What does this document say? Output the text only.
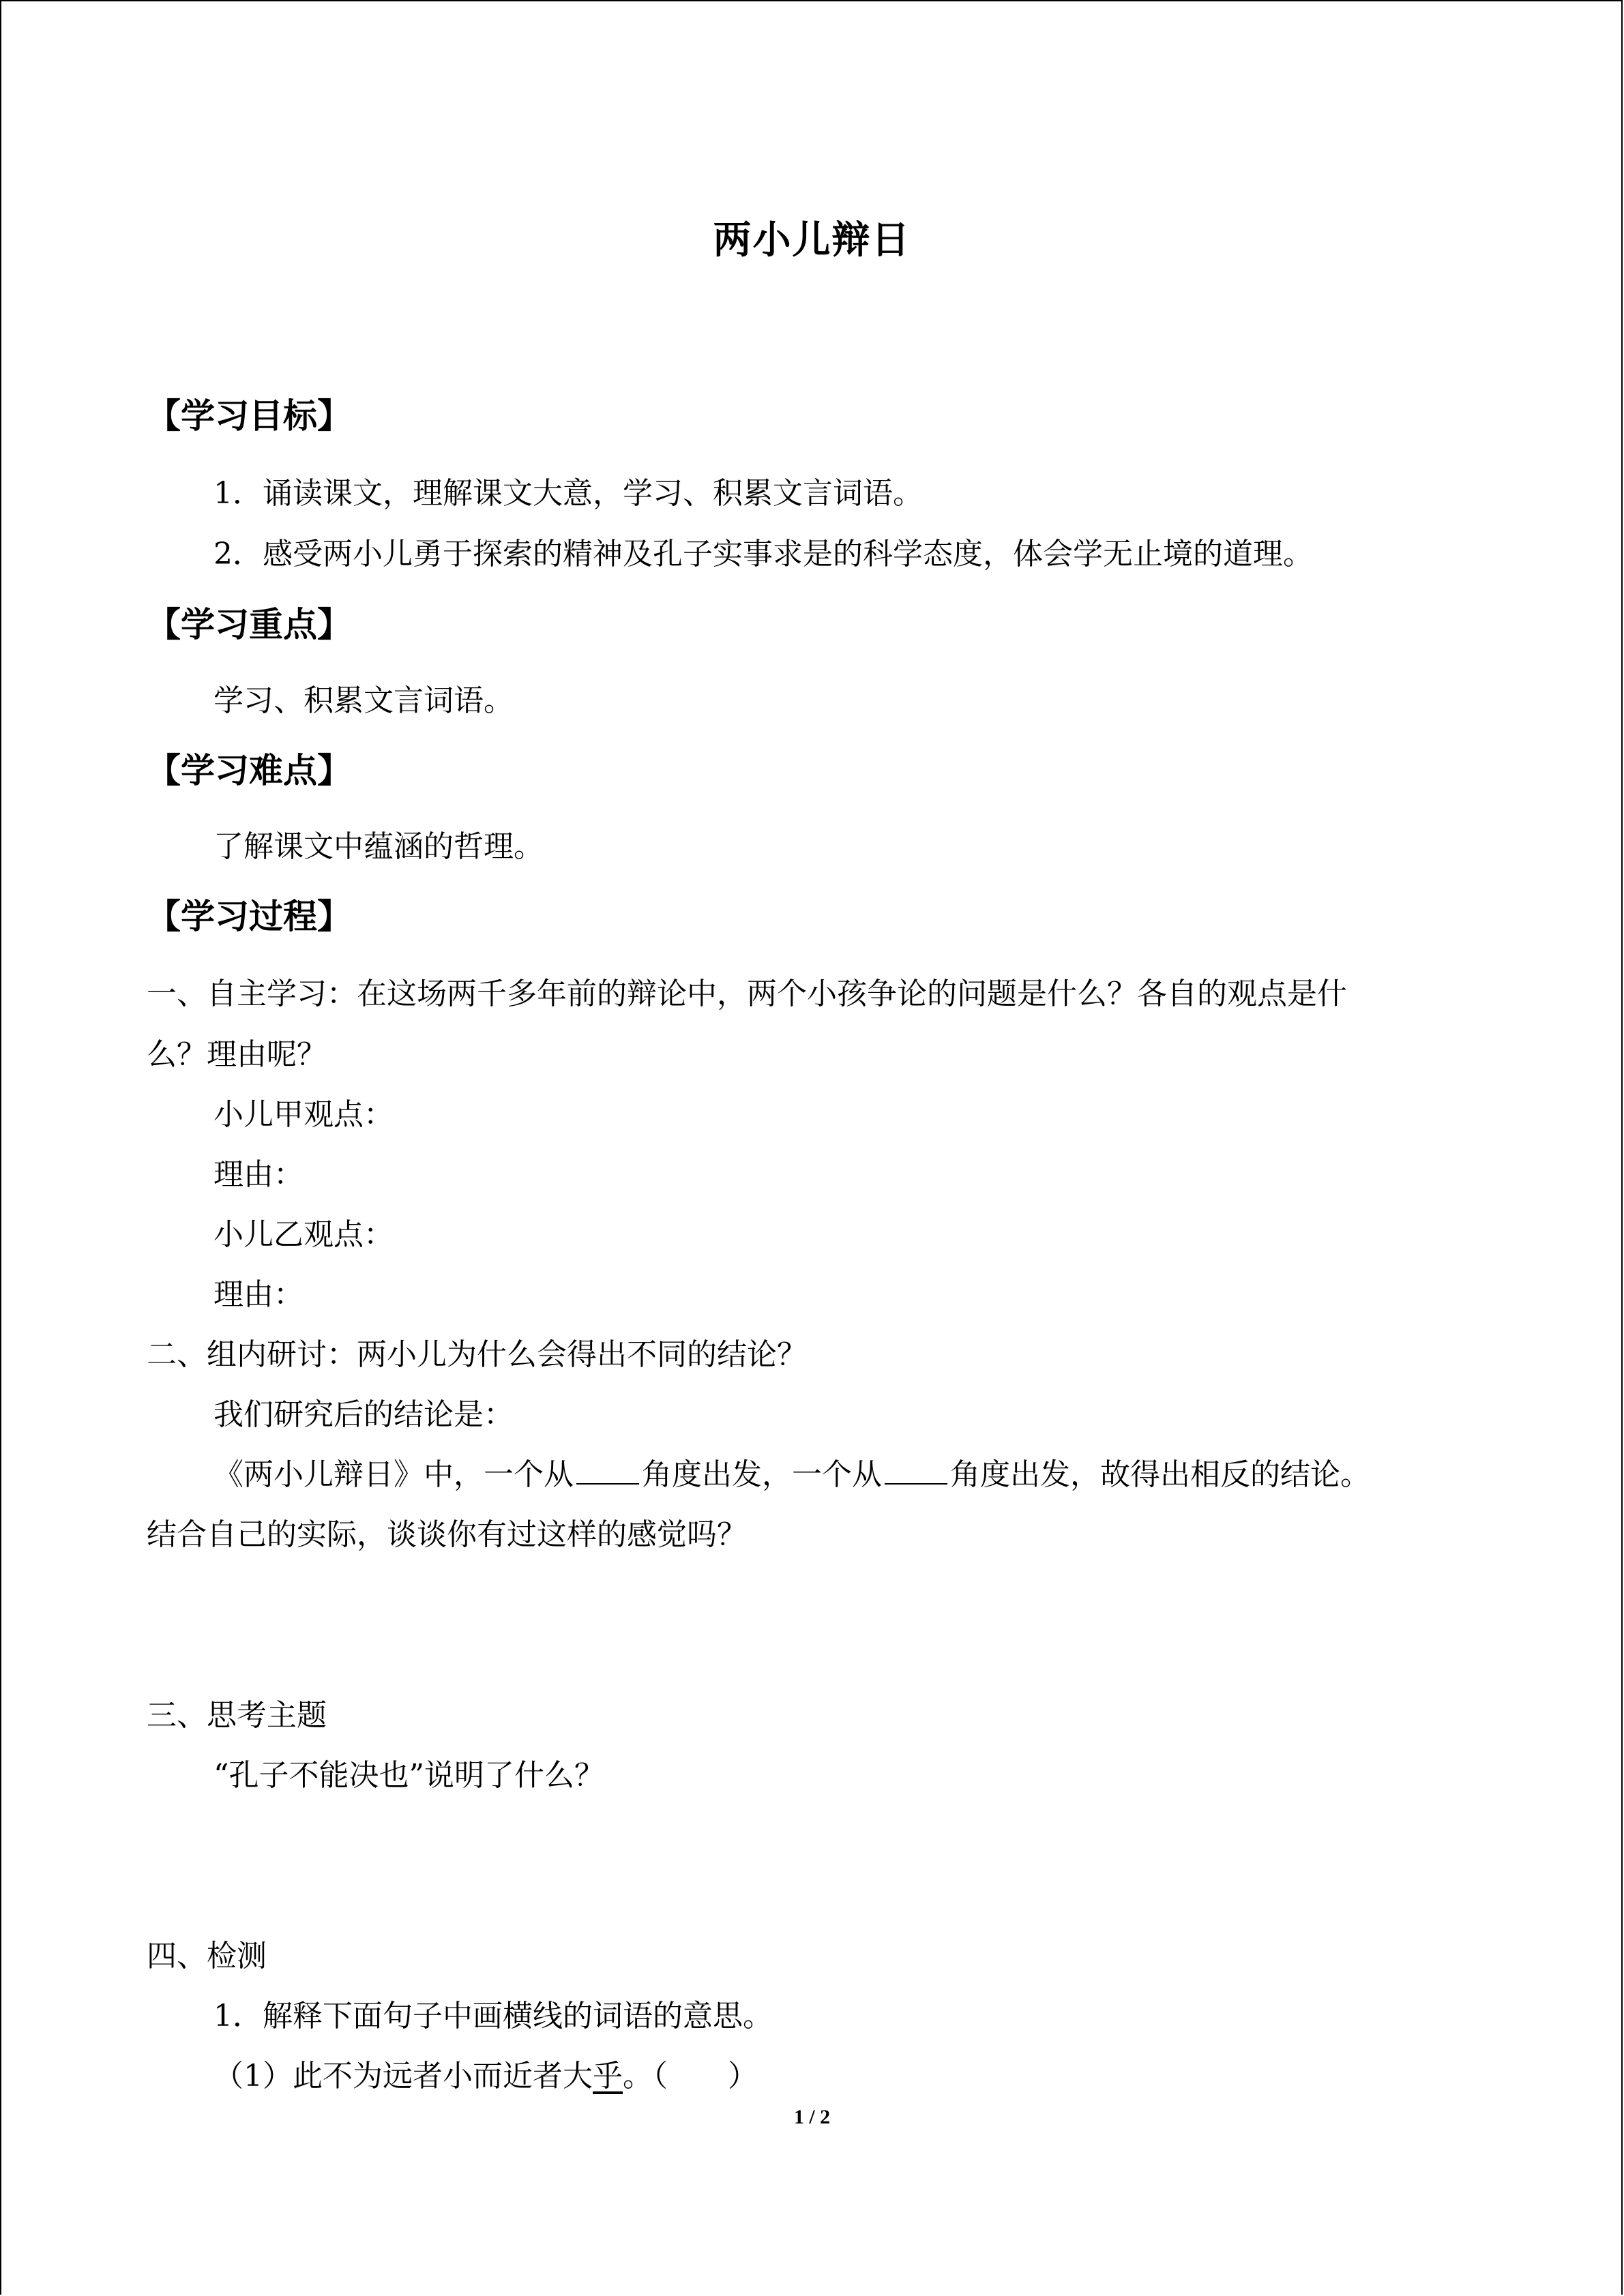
两小儿辩日
【学习目标】
1．诵读课文，理解课文大意，学习、积累文言词语。
2．感受两小儿勇于探索的精神及孔子实事求是的科学态度，体会学无止境的道理。
【学习重点】
学习、积累文言词语。
【学习难点】
了解课文中蕴涵的哲理。
【学习过程】
一、自主学习：在这场两千多年前的辩论中，两个小孩争论的问题是什么？各自的观点是什
么？理由呢？
小儿甲观点：
理由：
小儿乙观点：
理由：
二、组内研讨：两小儿为什么会得出不同的结论？
我们研究后的结论是：
《两小儿辩日》中，一个从 角度出发，一个从 角度出发，故得出相反的结论。
结合自己的实际，谈谈你有过这样的感觉吗？
三、思考主题
“孔子不能决也”说明了什么？
四、检测
1．解释下面句子中画横线的词语的意思。
（1）此不为远者小而近者大乎。（　　）
1 / 2
